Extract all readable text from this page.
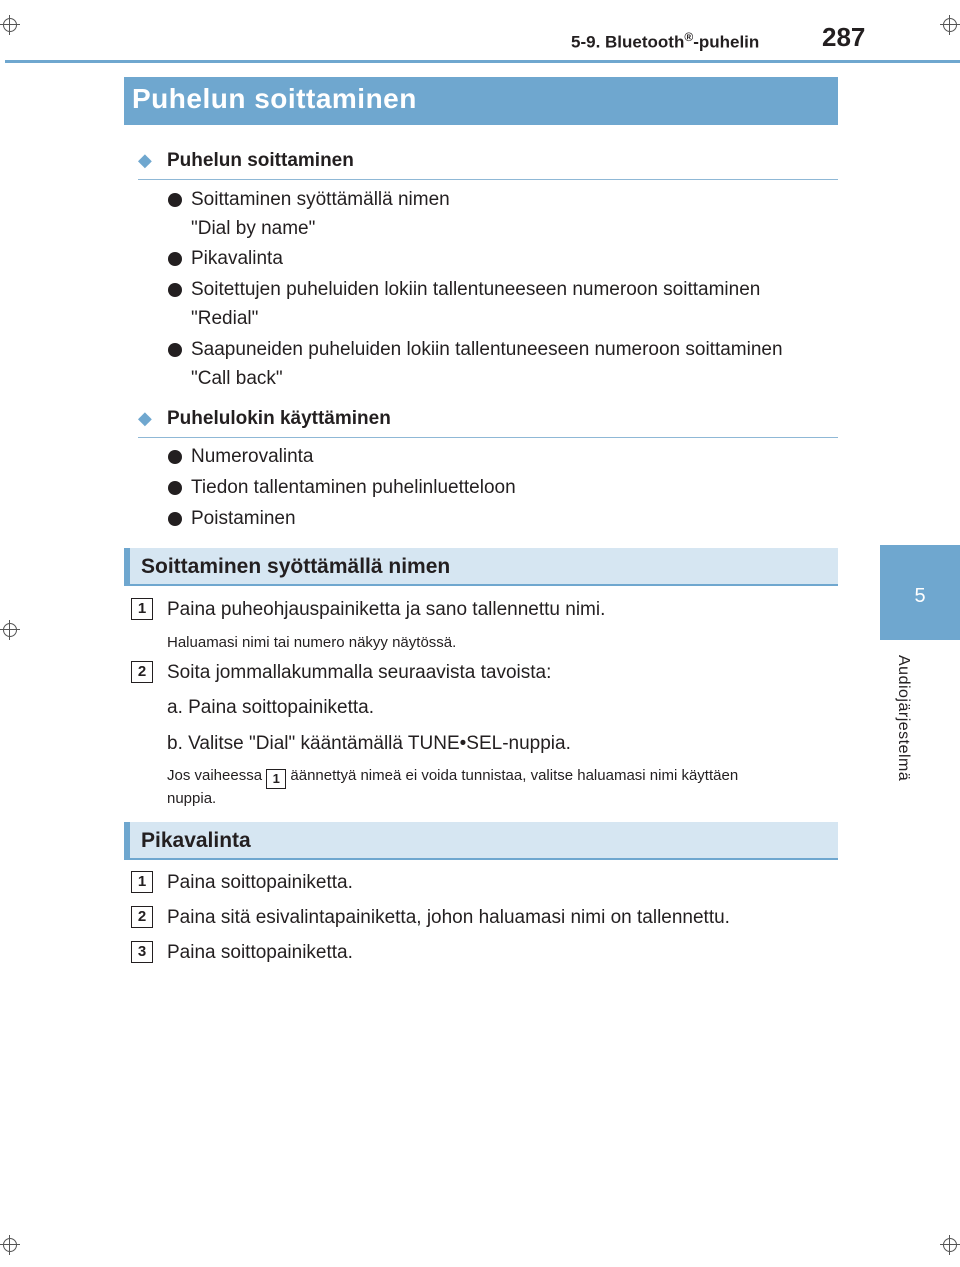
5-9. Bluetooth®-puhelin 287
5
Audiojärjestelmä
Puhelun soittaminen
◆ Puhelun soittaminen
Soittaminen syöttämällä nimen
"Dial by name"
Pikavalinta
Soitettujen puheluiden lokiin tallentuneeseen numeroon soittaminen
"Redial"
Saapuneiden puheluiden lokiin tallentuneeseen numeroon soittaminen
"Call back"
◆ Puhelulokin käyttäminen
Numerovalinta
Tiedon tallentaminen puhelinluetteloon
Poistaminen
Soittaminen syöttämällä nimen
1	Paina puheohjauspainiketta ja sano tallennettu nimi.
Haluamasi nimi tai numero näkyy näytössä.
2	Soita jommallakummalla seuraavista tavoista:
a. Paina soittopainiketta.
b. Valitse "Dial" kääntämällä TUNE•SEL-nuppia.
Jos vaiheessa 1 äännettyä nimeä ei voida tunnistaa, valitse haluamasi nimi käyttäen
nuppia.
Pikavalinta
1	Paina soittopainiketta.
2	Paina sitä esivalintapainiketta, johon haluamasi nimi on tallennettu.
3	Paina soittopainiketta.
